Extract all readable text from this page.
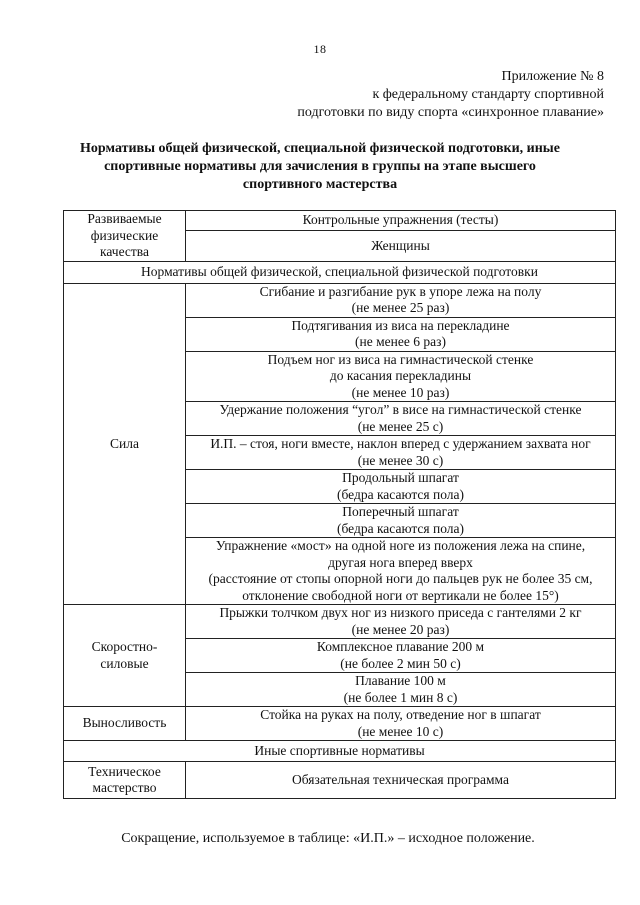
18
Приложение № 8
к федеральному стандарту спортивной
подготовки по виду спорта «синхронное плавание»
Нормативы общей физической, специальной физической подготовки, иные
спортивные нормативы для зачисления в группы на этапе высшего
спортивного мастерства
Развиваемые
физические
качества	Контрольные упражнения (тесты)
	Женщины
Нормативы общей физической, специальной физической подготовки	
Сила	Сгибание и разгибание рук в упоре лежа на полу
(не менее 25 раз)

	Подтягивания из виса на перекладине
(не менее 6 раз)

	Подъем ног из виса на гимнастической стенке
до касания перекладины
(не менее 10 раз)

	Удержание положения “угол” в висе на гимнастической стенке
(не менее 25 с)

	И.П. – стоя, ноги вместе, наклон вперед с удержанием захвата ног
(не менее 30 с)

	Продольный шпагат
(бедра касаются пола)

	Поперечный шпагат
(бедра касаются пола)

	Упражнение «мост» на одной ноге из положения лежа на спине,
другая нога вперед вверх
(расстояние от стопы опорной ноги до пальцев рук не более 35 см,
отклонение свободной ноги от вертикали не более 15°)

Скоростно-
силовые	Прыжки толчком двух ног из низкого приседа с гантелями 2 кг
(не менее 20 раз)

	Комплексное плавание 200 м
(не более 2 мин 50 с)

	Плавание 100 м
(не более 1 мин 8 с)

Выносливость	Стойка на руках на полу, отведение ног в шпагат
(не менее 10 с)

Иные спортивные нормативы	

Техническое
мастерство	Обязательная техническая программа
Сокращение, используемое в таблице: «И.П.» – исходное положение.
